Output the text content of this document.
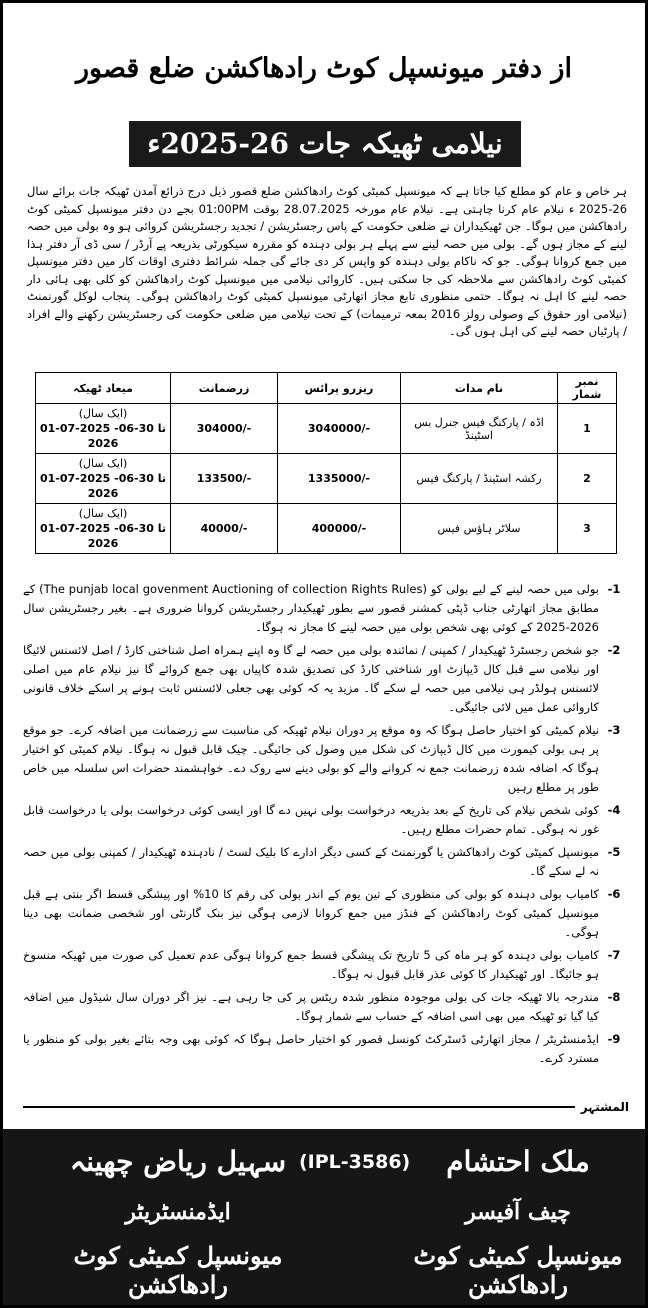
از دفتر میونسپل کوٹ رادھاکشن ضلع قصور
نیلامی ٹھیکہ جات 26-2025ء

ہر خاص و عام کو مطلع کیا جاتا ہے کہ میونسپل کمیٹی کوٹ رادھاکشن ضلع قصور ذیل درج ذرائع آمدن ٹھیکہ جات برائے سال 26-2025 ء نیلام عام کرنا چاہتی ہے۔ نیلام عام مورخہ 28.07.2025 بوقت 01:00PM بجے دن دفتر میونسپل کمیٹی کوٹ رادھاکشن میں ہوگا۔ جن ٹھیکیداران نے ضلعی حکومت کے پاس رجسٹریشن / تجدید رجسٹریشن کروائی ہو وہ بولی میں حصہ لینے کے مجاز ہوں گے۔ بولی میں حصہ لینے سے پہلے ہر بولی دہندہ کو مقررہ سیکورٹی بذریعہ پے آرڈر / سی ڈی آر دفتر ہذا میں جمع کروانا ہوگی۔ جو کہ ناکام بولی دہندہ کو واپس کر دی جائے گی جملہ شرائط دفتری اوقات کار میں دفتر میونسپل کمیٹی کوٹ رادھاکشن سے ملاحظہ کی جا سکتی ہیں۔ کاروائی نیلامی میں میونسپل کوٹ رادھاکشن کو کلی بھی ہائی دار حصہ لینے کا اہل نہ ہوگا۔ حتمی منظوری تابع مجاز اتھارٹی میونسپل کمیٹی کوٹ رادھاکشن ہوگی۔ پنجاب لوکل گورنمنٹ (نیلامی اور حقوق کے وصولی رولز 2016 بمعہ ترمیمات) کے تحت نیلامی میں ضلعی حکومت کی رجسٹریشن رکھنے والے افراد / پارٹیاں حصہ لینے کی اہل ہوں گی۔

نمبر شمار	نام مدات	ریزرو پرائس	زرضمانت	میعاد ٹھیکہ
1	اڈہ / پارکنگ فیس جنرل بس اسٹینڈ	3040000/-	304000/-	(ایک سال)
01-07-2025 تا 30-06-2026

2	رکشہ اسٹینڈ / پارکنگ فیس	1335000/-	133500/-	(ایک سال)
01-07-2025 تا 30-06-2026

3	سلاٹر ہاؤس فیس	400000/-	40000/-	(ایک سال)
01-07-2025 تا 30-06-2026
-1
بولی میں حصہ لینے کے لیے بولی کو (The punjab local govenment Auctioning of collection Rights Rules) کے مطابق مجاز اتھارٹی جناب ڈپٹی کمشنر قصور سے بطور ٹھیکیدار رجسٹریشن کروانا ضروری ہے۔ بغیر رجسٹریشن سال 2026-2025 کے کوئی بھی شخص بولی میں حصہ لینے کا مجاز نہ ہوگا۔
-2
جو شخص رجسٹرڈ ٹھیکیدار / کمپنی / نمائندہ بولی میں حصہ لے گا وہ اپنے ہمراہ اصل شناختی کارڈ / اصل لائسنس لائیگا اور نیلامی سے قبل کال ڈیپازٹ اور شناختی کارڈ کی تصدیق شدہ کاپیاں بھی جمع کروائے گا نیز نیلام عام میں اصلی لائسنس ہولڈر ہی نیلامی میں حصہ لے سکے گا۔ مزید یہ کہ کوئی بھی جعلی لائسنس ثابت ہونے پر اسکے خلاف قانونی کاروائی عمل میں لائی جائیگی۔
-3
نیلام کمیٹی کو اختیار حاصل ہوگا کہ وہ موقع پر دوران نیلام ٹھیکہ کی مناسبت سے زرضمانت میں اضافہ کرے۔ جو موقع پر ہی بولی کیمورت میں کال ڈیپازٹ کی شکل میں وصول کی جائیگی۔ چیک قابل قبول نہ ہوگا۔ نیلام کمیٹی کو اختیار ہوگا کہ اضافہ شدہ زرضمانت جمع نہ کروانے والے کو بولی دینے سے روک دے۔ خواہشمند حضرات اس سلسلہ میں خاص طور پر مطلع رہیں
-4
کوئی شخص نیلام کی تاریخ کے بعد بذریعہ درخواست بولی نہیں دے گا اور ایسی کوئی درخواست بولی یا درخواست قابل غور نہ ہوگی۔ تمام حضرات مطلع رہیں۔
-5
میونسپل کمیٹی کوٹ رادھاکشن یا گورنمنٹ کے کسی دیگر ادارے کا بلیک لسٹ / نادہندہ ٹھیکیدار / کمپنی بولی میں حصہ نہ لے سکے گا۔
-6
کامیاب بولی دہندہ کو بولی کی منظوری کے تین یوم کے اندر بولی کی رقم کا 10% اور پیشگی قسط اگر بنتی ہے قبل میونسپل کمیٹی کوٹ رادھاکشن کے فنڈز میں جمع کروانا لازمی ہوگی نیز بنک گارنٹی اور شخصی ضمانت بھی دینا ہوگی۔
-7
کامیاب بولی دہندہ کو ہر ماہ کی 5 تاریخ تک پیشگی قسط جمع کروانا ہوگی عدم تعمیل کی صورت میں ٹھیکہ منسوخ ہو جائیگا۔ اور ٹھیکیدار کا کوئی عذر قابل قبول نہ ہوگا۔
-8
مندرجہ بالا ٹھیکہ جات کی بولی موجودہ منظور شدہ ریٹس پر کی جا رہی ہے۔ نیز اگر دوران سال شیڈول میں اضافہ کیا گیا تو ٹھیکہ میں بھی اسی اضافہ کے حساب سے شمار ہوگا۔
-9
ایڈمنسٹریٹر / مجاز اتھارٹی ڈسٹرکٹ کونسل قصور کو اختیار حاصل ہوگا کہ کوئی بھی وجہ بتائے بغیر بولی کو منظور یا مسترد کرے۔
المشتہر
(IPL-3586)	ملک احتشام
چیف آفیسر
میونسپل کمیٹی کوٹ رادھاکشن
سہیل ریاض چھینہ
ایڈمنسٹریٹر
میونسپل کمیٹی کوٹ رادھاکشن
